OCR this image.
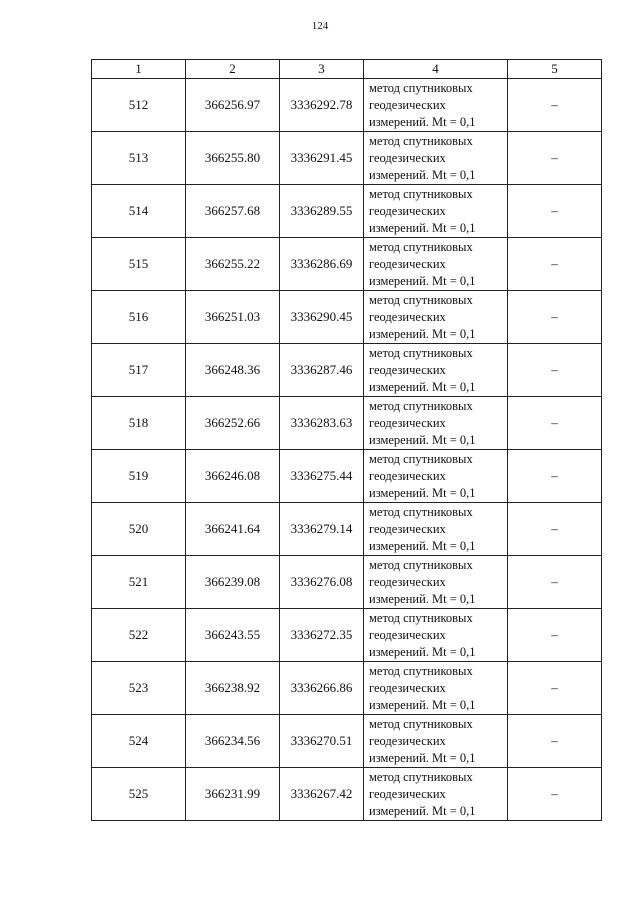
124
1	2	3	4	5
512	366256.97	3336292.78	метод спутниковых
геодезических
измерений. Mt = 0,1	–
513	366255.80	3336291.45	метод спутниковых
геодезических
измерений. Mt = 0,1	–
514	366257.68	3336289.55	метод спутниковых
геодезических
измерений. Mt = 0,1	–
515	366255.22	3336286.69	метод спутниковых
геодезических
измерений. Mt = 0,1	–
516	366251.03	3336290.45	метод спутниковых
геодезических
измерений. Mt = 0,1	–
517	366248.36	3336287.46	метод спутниковых
геодезических
измерений. Mt = 0,1	–
518	366252.66	3336283.63	метод спутниковых
геодезических
измерений. Mt = 0,1	–
519	366246.08	3336275.44	метод спутниковых
геодезических
измерений. Mt = 0,1	–
520	366241.64	3336279.14	метод спутниковых
геодезических
измерений. Mt = 0,1	–
521	366239.08	3336276.08	метод спутниковых
геодезических
измерений. Mt = 0,1	–
522	366243.55	3336272.35	метод спутниковых
геодезических
измерений. Mt = 0,1	–
523	366238.92	3336266.86	метод спутниковых
геодезических
измерений. Mt = 0,1	–
524	366234.56	3336270.51	метод спутниковых
геодезических
измерений. Mt = 0,1	–
525	366231.99	3336267.42	метод спутниковых
геодезических
измерений. Mt = 0,1	–
